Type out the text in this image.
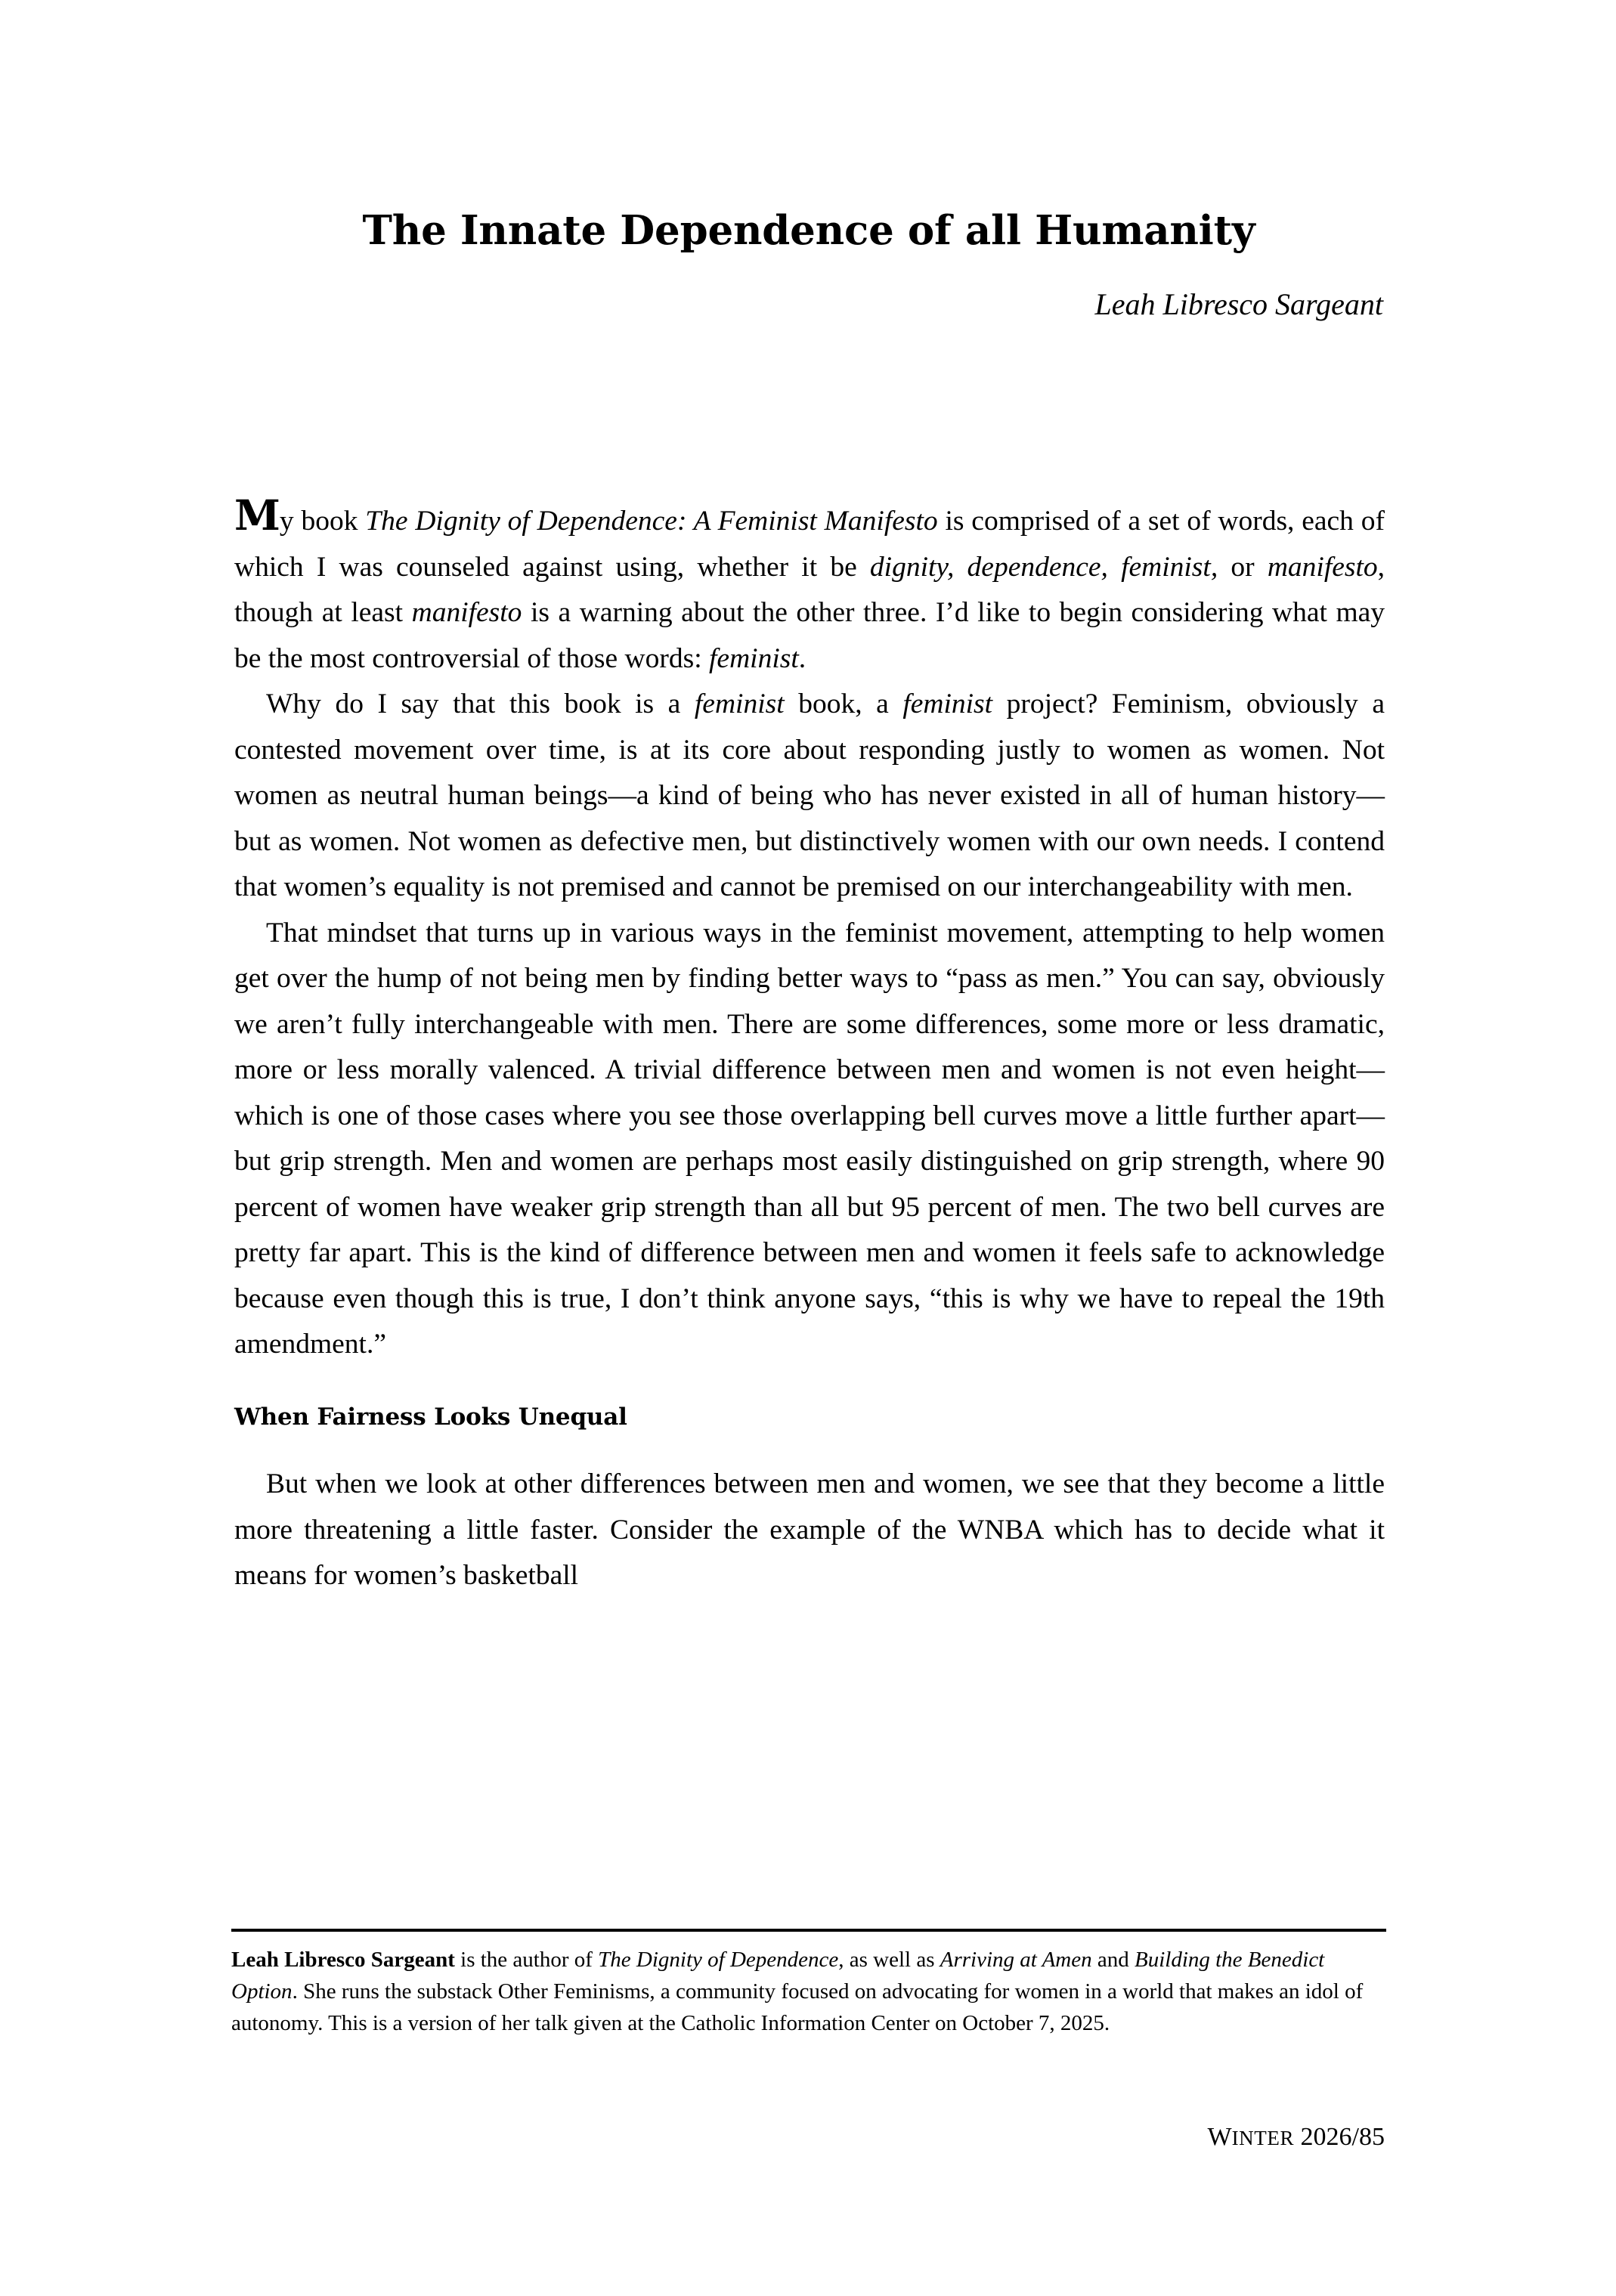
The Innate Dependence of all Humanity

Leah Libresco Sargeant

My book The Dignity of Dependence: A Feminist Manifesto is comprised of a set of words, each of which I was counseled against using, whether it be dignity, dependence, feminist, or manifesto, though at least manifesto is a warning about the other three. I’d like to begin considering what may be the most controversial of those words: feminist.

Why do I say that this book is a feminist book, a feminist project? Feminism, obviously a contested movement over time, is at its core about responding justly to women as women. Not women as neutral human beings—a kind of being who has never existed in all of human history—but as women. Not women as defective men, but distinctively women with our own needs. I contend that women’s equality is not premised and cannot be premised on our interchangeability with men.

That mindset that turns up in various ways in the feminist movement, attempting to help women get over the hump of not being men by finding better ways to “pass as men.” You can say, obviously we aren’t fully interchangeable with men. There are some differences, some more or less dramatic, more or less morally valenced. A trivial difference between men and women is not even height—which is one of those cases where you see those overlapping bell curves move a little further apart—but grip strength. Men and women are perhaps most easily distinguished on grip strength, where 90 percent of women have weaker grip strength than all but 95 percent of men. The two bell curves are pretty far apart. This is the kind of difference between men and women it feels safe to acknowledge because even though this is true, I don’t think anyone says, “this is why we have to repeal the 19th amendment.”

When Fairness Looks Unequal

But when we look at other differences between men and women, we see that they become a little more threatening a little faster. Consider the example of the WNBA which has to decide what it means for women’s basketball

Leah Libresco Sargeant is the author of The Dignity of Dependence, as well as Arriving at Amen and Building the Benedict Option. She runs the substack Other Feminisms, a community focused on advocating for women in a world that makes an idol of autonomy. This is a version of her talk given at the Catholic Information Center on October 7, 2025.

WINTER 2026/85
